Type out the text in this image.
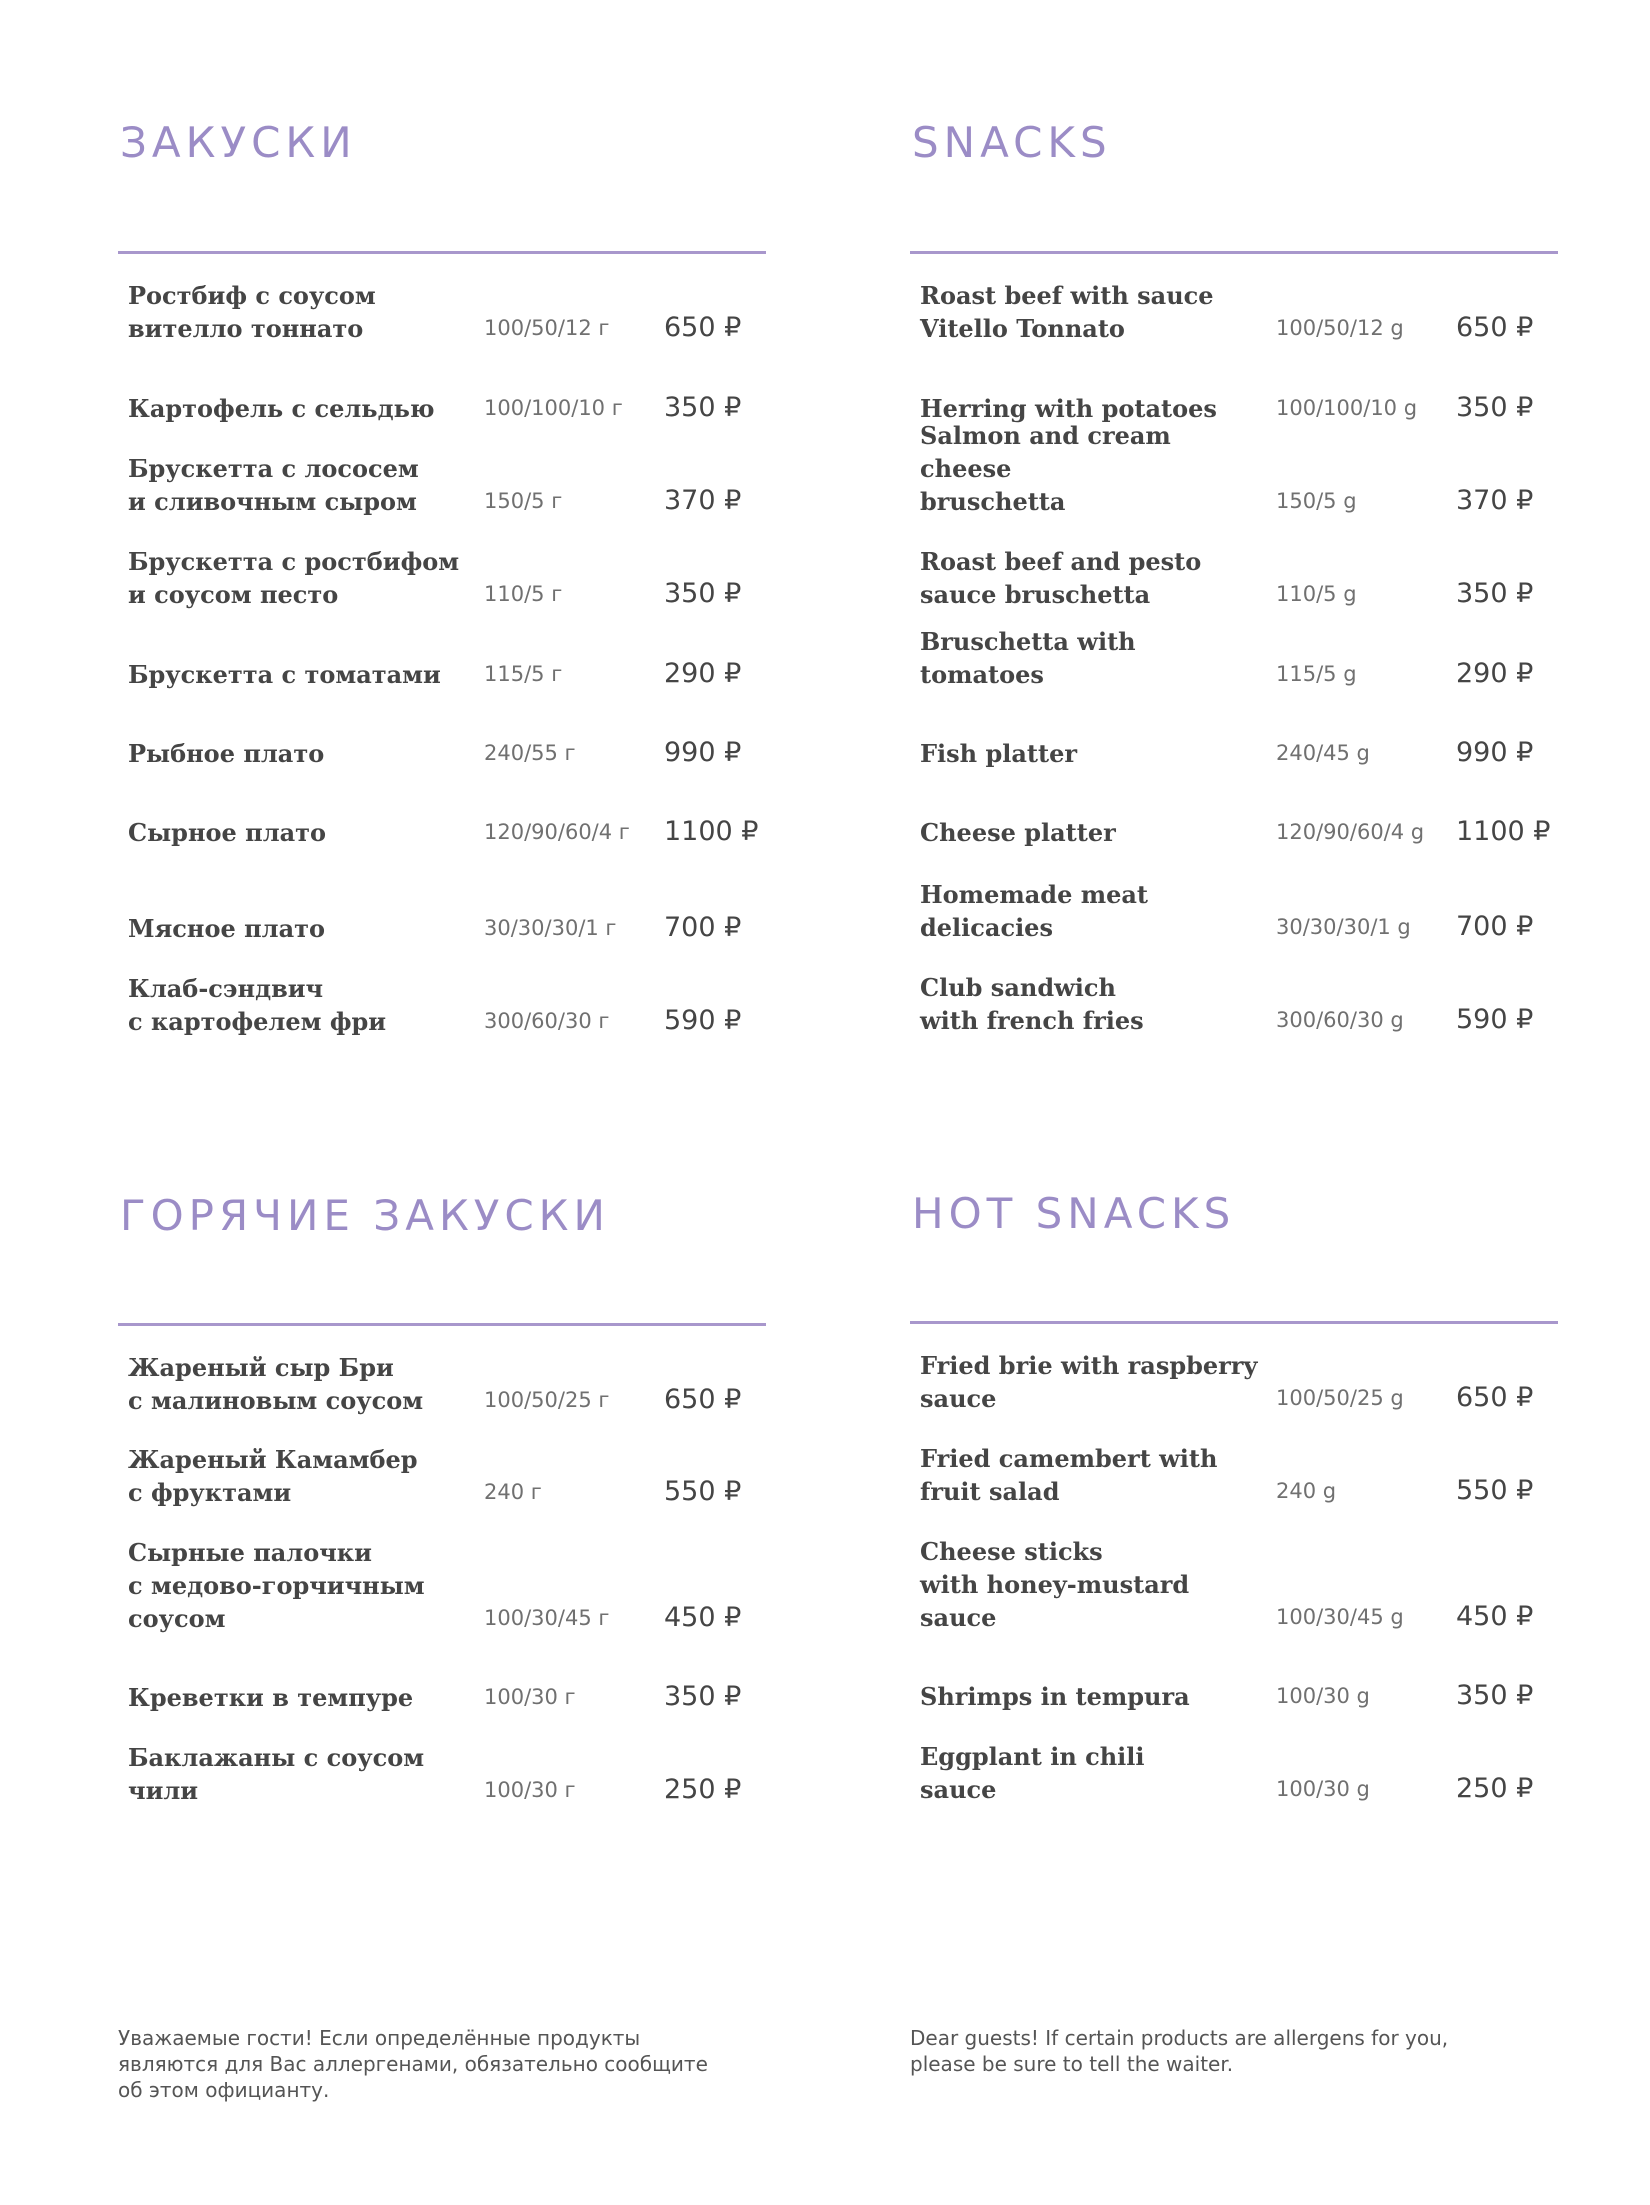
ЗАКУСКИ
Ростбиф с соусом
вителло тоннато	100/50/12 г 650 ₽
Картофель с сельдью	100/100/10 г 350 ₽
Брускетта с лососем
и сливочным сыром	150/5 г	370 ₽
Брускетта с ростбифом
и соусом песто	110/5 г	350 ₽
Брускетта с томатами	115/5 г	290 ₽
Рыбное плато	240/55 г	990 ₽
Сырное плато	120/90/60/4 г 1100 ₽
Мясное плато	30/30/30/1 г 700 ₽
Клаб-сэндвич
с картофелем фри	300/60/30 г 590 ₽
ГОРЯЧИЕ ЗАКУСКИ
Жареный сыр Бри
с малиновым соусом	100/50/25 г 650 ₽
Жареный Камамбер
с фруктами	240 г	550 ₽
Сырные палочки
с медово-горчичным
соусом	100/30/45 г 450 ₽
Креветки в темпуре	100/30 г	350 ₽
Баклажаны с соусом
чили	100/30 г	250 ₽
SNACKS
Roast beef with sauce
Vitello Tonnato	100/50/12 g 650 ₽
Herring with potatoes	100/100/10 g 350 ₽
Salmon and cream cheese
bruschetta	150/5 g	370 ₽
Roast beef and pesto
sauce bruschetta	110/5 g	350 ₽
Bruschetta with tomatoes	115/5 g	290 ₽
Fish platter	240/45 g	990 ₽
Cheese platter	120/90/60/4 g 1100 ₽
Homemade meat
delicacies	30/30/30/1 g 700 ₽
Club sandwich
with french fries	300/60/30 g 590 ₽
HOT SNACKS
Fried brie with raspberry
sauce	100/50/25 g 650 ₽
Fried camembert with
fruit salad	240 g	550 ₽
Cheese sticks
with honey-mustard
sauce	100/30/45 g 450 ₽
Shrimps in tempura	100/30 g	350 ₽
Eggplant in chili
sauce	100/30 g	250 ₽
Уважаемые гости! Если определённые продукты
являются для Вас аллергенами, обязательно сообщите
об этом официанту.
Dear guests! If certain products are allergens for you,
please be sure to tell the waiter.
